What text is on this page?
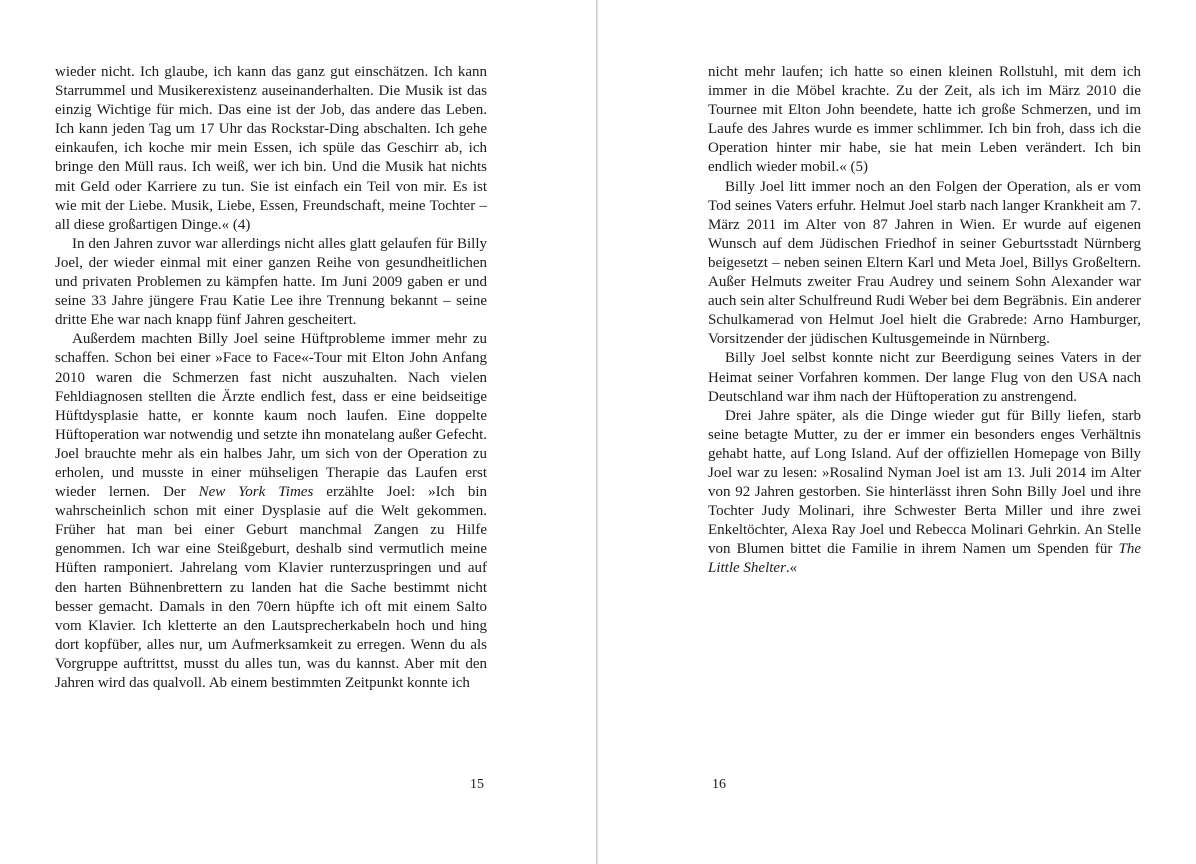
wieder nicht. Ich glaube, ich kann das ganz gut einschätzen. Ich kann Starrummel und Musikerexistenz auseinanderhalten. Die Musik ist das einzig Wichtige für mich. Das eine ist der Job, das andere das Leben. Ich kann jeden Tag um 17 Uhr das Rockstar-Ding abschalten. Ich gehe einkaufen, ich koche mir mein Essen, ich spüle das Geschirr ab, ich bringe den Müll raus. Ich weiß, wer ich bin. Und die Musik hat nichts mit Geld oder Karriere zu tun. Sie ist einfach ein Teil von mir. Es ist wie mit der Liebe. Musik, Liebe, Essen, Freundschaft, meine Tochter – all diese großartigen Dinge.« (4)

In den Jahren zuvor war allerdings nicht alles glatt gelaufen für Billy Joel, der wieder einmal mit einer ganzen Reihe von gesundheitlichen und privaten Problemen zu kämpfen hatte. Im Juni 2009 gaben er und seine 33 Jahre jüngere Frau Katie Lee ihre Trennung bekannt – seine dritte Ehe war nach knapp fünf Jahren gescheitert.

Außerdem machten Billy Joel seine Hüftprobleme immer mehr zu schaffen. Schon bei einer »Face to Face«-Tour mit Elton John Anfang 2010 waren die Schmerzen fast nicht auszuhalten. Nach vielen Fehldiagnosen stellten die Ärzte endlich fest, dass er eine beidseitige Hüftdysplasie hatte, er konnte kaum noch laufen. Eine doppelte Hüftoperation war notwendig und setzte ihn monatelang außer Gefecht. Joel brauchte mehr als ein halbes Jahr, um sich von der Operation zu erholen, und musste in einer mühseligen Therapie das Laufen erst wieder lernen. Der New York Times erzählte Joel: »Ich bin wahrscheinlich schon mit einer Dysplasie auf die Welt gekommen. Früher hat man bei einer Geburt manchmal Zangen zu Hilfe genommen. Ich war eine Steißgeburt, deshalb sind vermutlich meine Hüften ramponiert. Jahrelang vom Klavier runterzuspringen und auf den harten Bühnenbrettern zu landen hat die Sache bestimmt nicht besser gemacht. Damals in den 70ern hüpfte ich oft mit einem Salto vom Klavier. Ich kletterte an den Lautsprecherkabeln hoch und hing dort kopfüber, alles nur, um Aufmerksamkeit zu erregen. Wenn du als Vorgruppe auftrittst, musst du alles tun, was du kannst. Aber mit den Jahren wird das qualvoll. Ab einem bestimmten Zeitpunkt konnte ich

15

nicht mehr laufen; ich hatte so einen kleinen Rollstuhl, mit dem ich immer in die Möbel krachte. Zu der Zeit, als ich im März 2010 die Tournee mit Elton John beendete, hatte ich große Schmerzen, und im Laufe des Jahres wurde es immer schlimmer. Ich bin froh, dass ich die Operation hinter mir habe, sie hat mein Leben verändert. Ich bin endlich wieder mobil.« (5)

Billy Joel litt immer noch an den Folgen der Operation, als er vom Tod seines Vaters erfuhr. Helmut Joel starb nach langer Krankheit am 7. März 2011 im Alter von 87 Jahren in Wien. Er wurde auf eigenen Wunsch auf dem Jüdischen Friedhof in seiner Geburtsstadt Nürnberg beigesetzt – neben seinen Eltern Karl und Meta Joel, Billys Großeltern. Außer Helmuts zweiter Frau Audrey und seinem Sohn Alexander war auch sein alter Schulfreund Rudi Weber bei dem Begräbnis. Ein anderer Schulkamerad von Helmut Joel hielt die Grabrede: Arno Hamburger, Vorsitzender der jüdischen Kultusgemeinde in Nürnberg.

Billy Joel selbst konnte nicht zur Beerdigung seines Vaters in der Heimat seiner Vorfahren kommen. Der lange Flug von den USA nach Deutschland war ihm nach der Hüftoperation zu anstrengend.

Drei Jahre später, als die Dinge wieder gut für Billy liefen, starb seine betagte Mutter, zu der er immer ein besonders enges Verhältnis gehabt hatte, auf Long Island. Auf der offiziellen Homepage von Billy Joel war zu lesen: »Rosalind Nyman Joel ist am 13. Juli 2014 im Alter von 92 Jahren gestorben. Sie hinterlässt ihren Sohn Billy Joel und ihre Tochter Judy Molinari, ihre Schwester Berta Miller und ihre zwei Enkeltöchter, Alexa Ray Joel und Rebecca Molinari Gehrkin. An Stelle von Blumen bittet die Familie in ihrem Namen um Spenden für The Little Shelter.«

16
